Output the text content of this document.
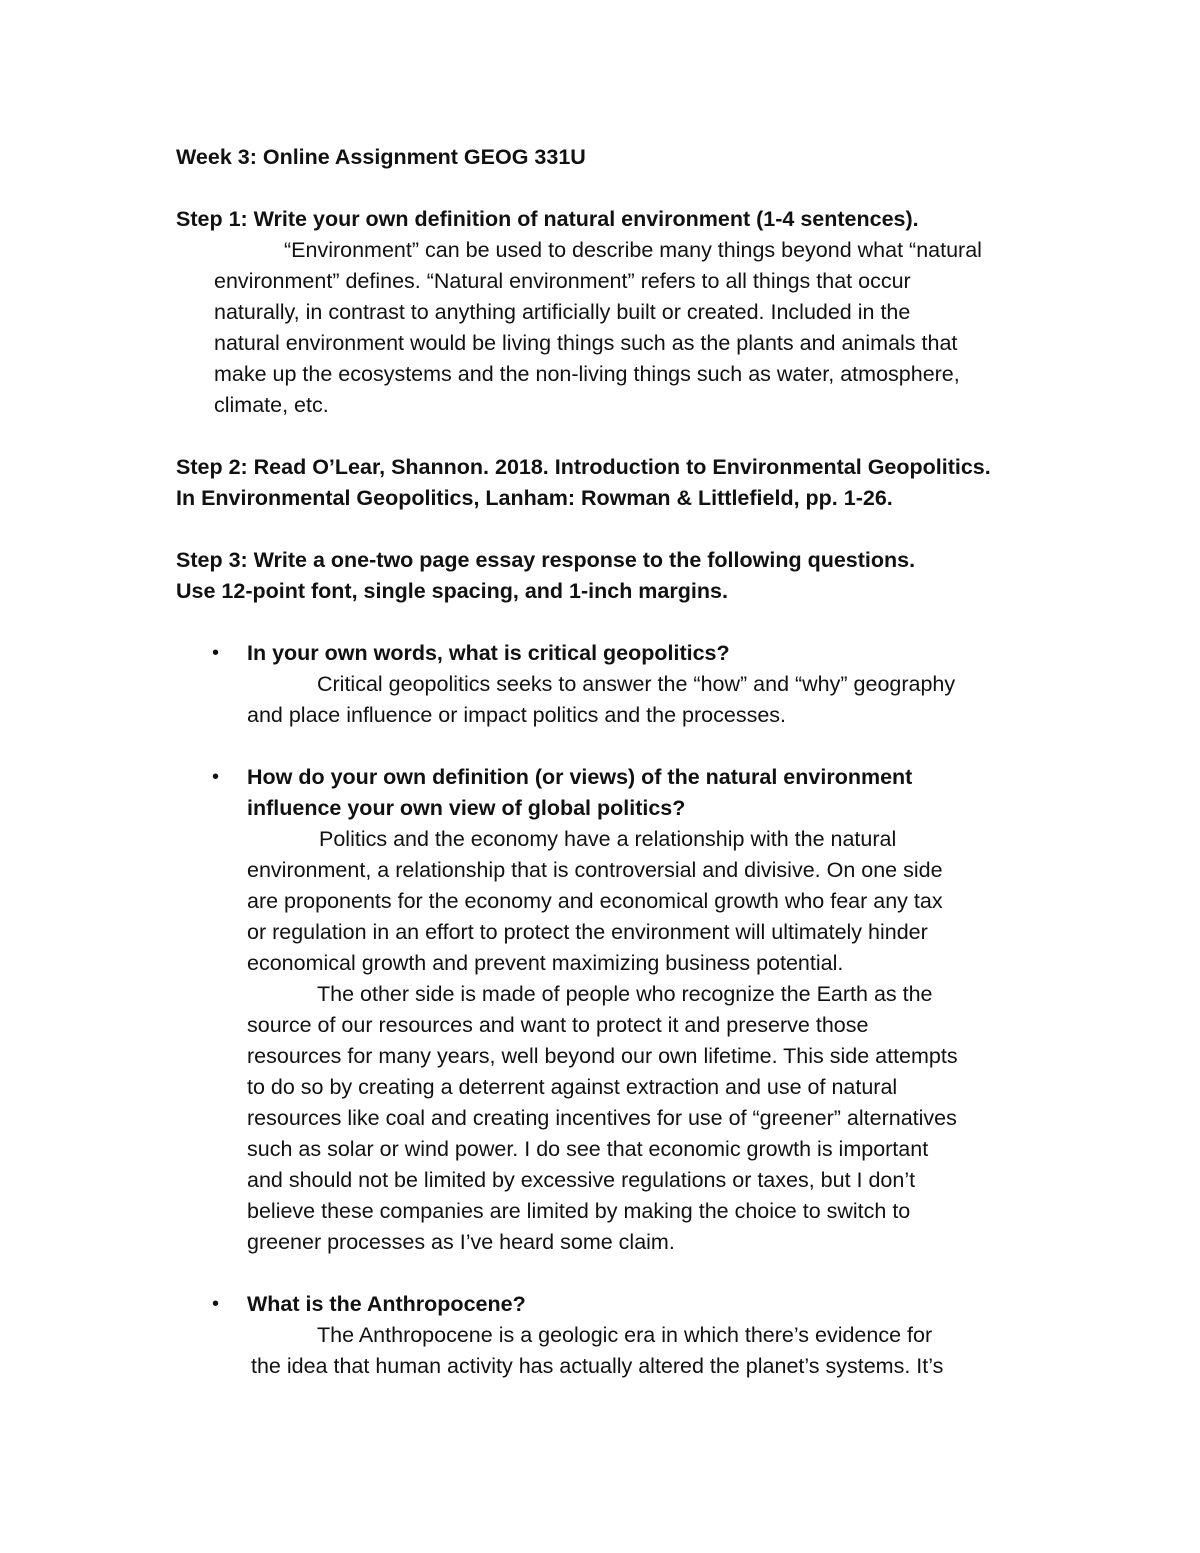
Week 3: Online Assignment GEOG 331U
Step 1: Write your own definition of natural environment (1-4 sentences).
“Environment” can be used to describe many things beyond what “natural
environment” defines. “Natural environment” refers to all things that occur
naturally, in contrast to anything artificially built or created. Included in the
natural environment would be living things such as the plants and animals that
make up the ecosystems and the non-living things such as water, atmosphere,
climate, etc.
Step 2: Read O’Lear, Shannon. 2018. Introduction to Environmental Geopolitics.
In Environmental Geopolitics, Lanham: Rowman & Littlefield, pp. 1-26.
Step 3: Write a one-two page essay response to the following questions.
Use 12-point font, single spacing, and 1-inch margins.
•	In your own words, what is critical geopolitics?
Critical geopolitics seeks to answer the “how” and “why” geography
and place influence or impact politics and the processes.
•	How do your own definition (or views) of the natural environment
influence your own view of global politics?
Politics and the economy have a relationship with the natural
environment, a relationship that is controversial and divisive. On one side
are proponents for the economy and economical growth who fear any tax
or regulation in an effort to protect the environment will ultimately hinder
economical growth and prevent maximizing business potential.
The other side is made of people who recognize the Earth as the
source of our resources and want to protect it and preserve those
resources for many years, well beyond our own lifetime. This side attempts
to do so by creating a deterrent against extraction and use of natural
resources like coal and creating incentives for use of “greener” alternatives
such as solar or wind power. I do see that economic growth is important
and should not be limited by excessive regulations or taxes, but I don’t
believe these companies are limited by making the choice to switch to
greener processes as I’ve heard some claim.
•	What is the Anthropocene?
The Anthropocene is a geologic era in which there’s evidence for
the idea that human activity has actually altered the planet’s systems. It’s
